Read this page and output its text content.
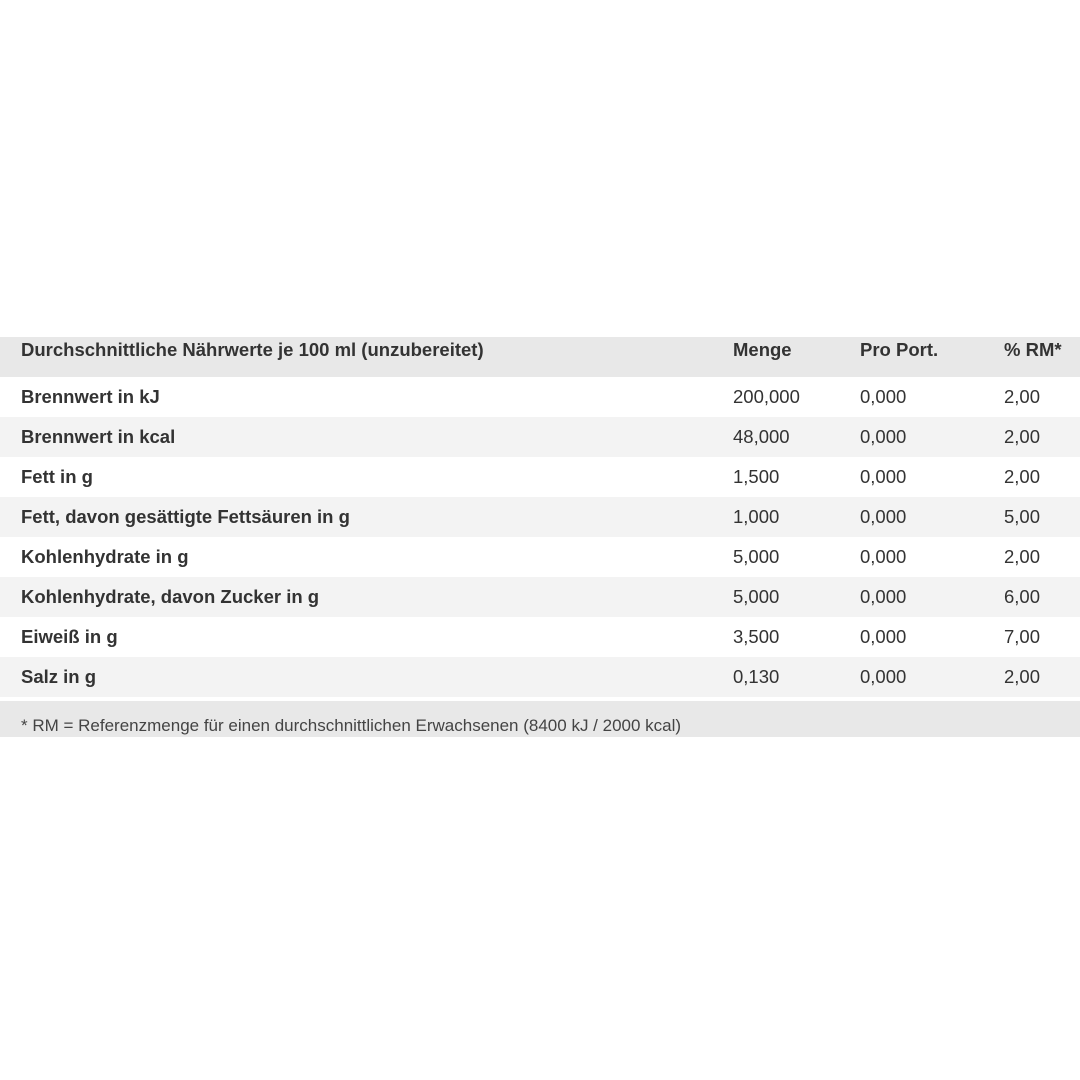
Durchschnittliche Nährwerte je 100 ml (unzubereitet)	Menge	Pro Port.	% RM*
Brennwert in kJ	200,000	0,000	2,00
Brennwert in kcal	48,000	0,000	2,00
Fett in g	1,500	0,000	2,00
Fett, davon gesättigte Fettsäuren in g	1,000	0,000	5,00
Kohlenhydrate in g	5,000	0,000	2,00
Kohlenhydrate, davon Zucker in g	5,000	0,000	6,00
Eiweiß in g	3,500	0,000	7,00
Salz in g	0,130	0,000	2,00
* RM = Referenzmenge für einen durchschnittlichen Erwachsenen (8400 kJ / 2000 kcal)
